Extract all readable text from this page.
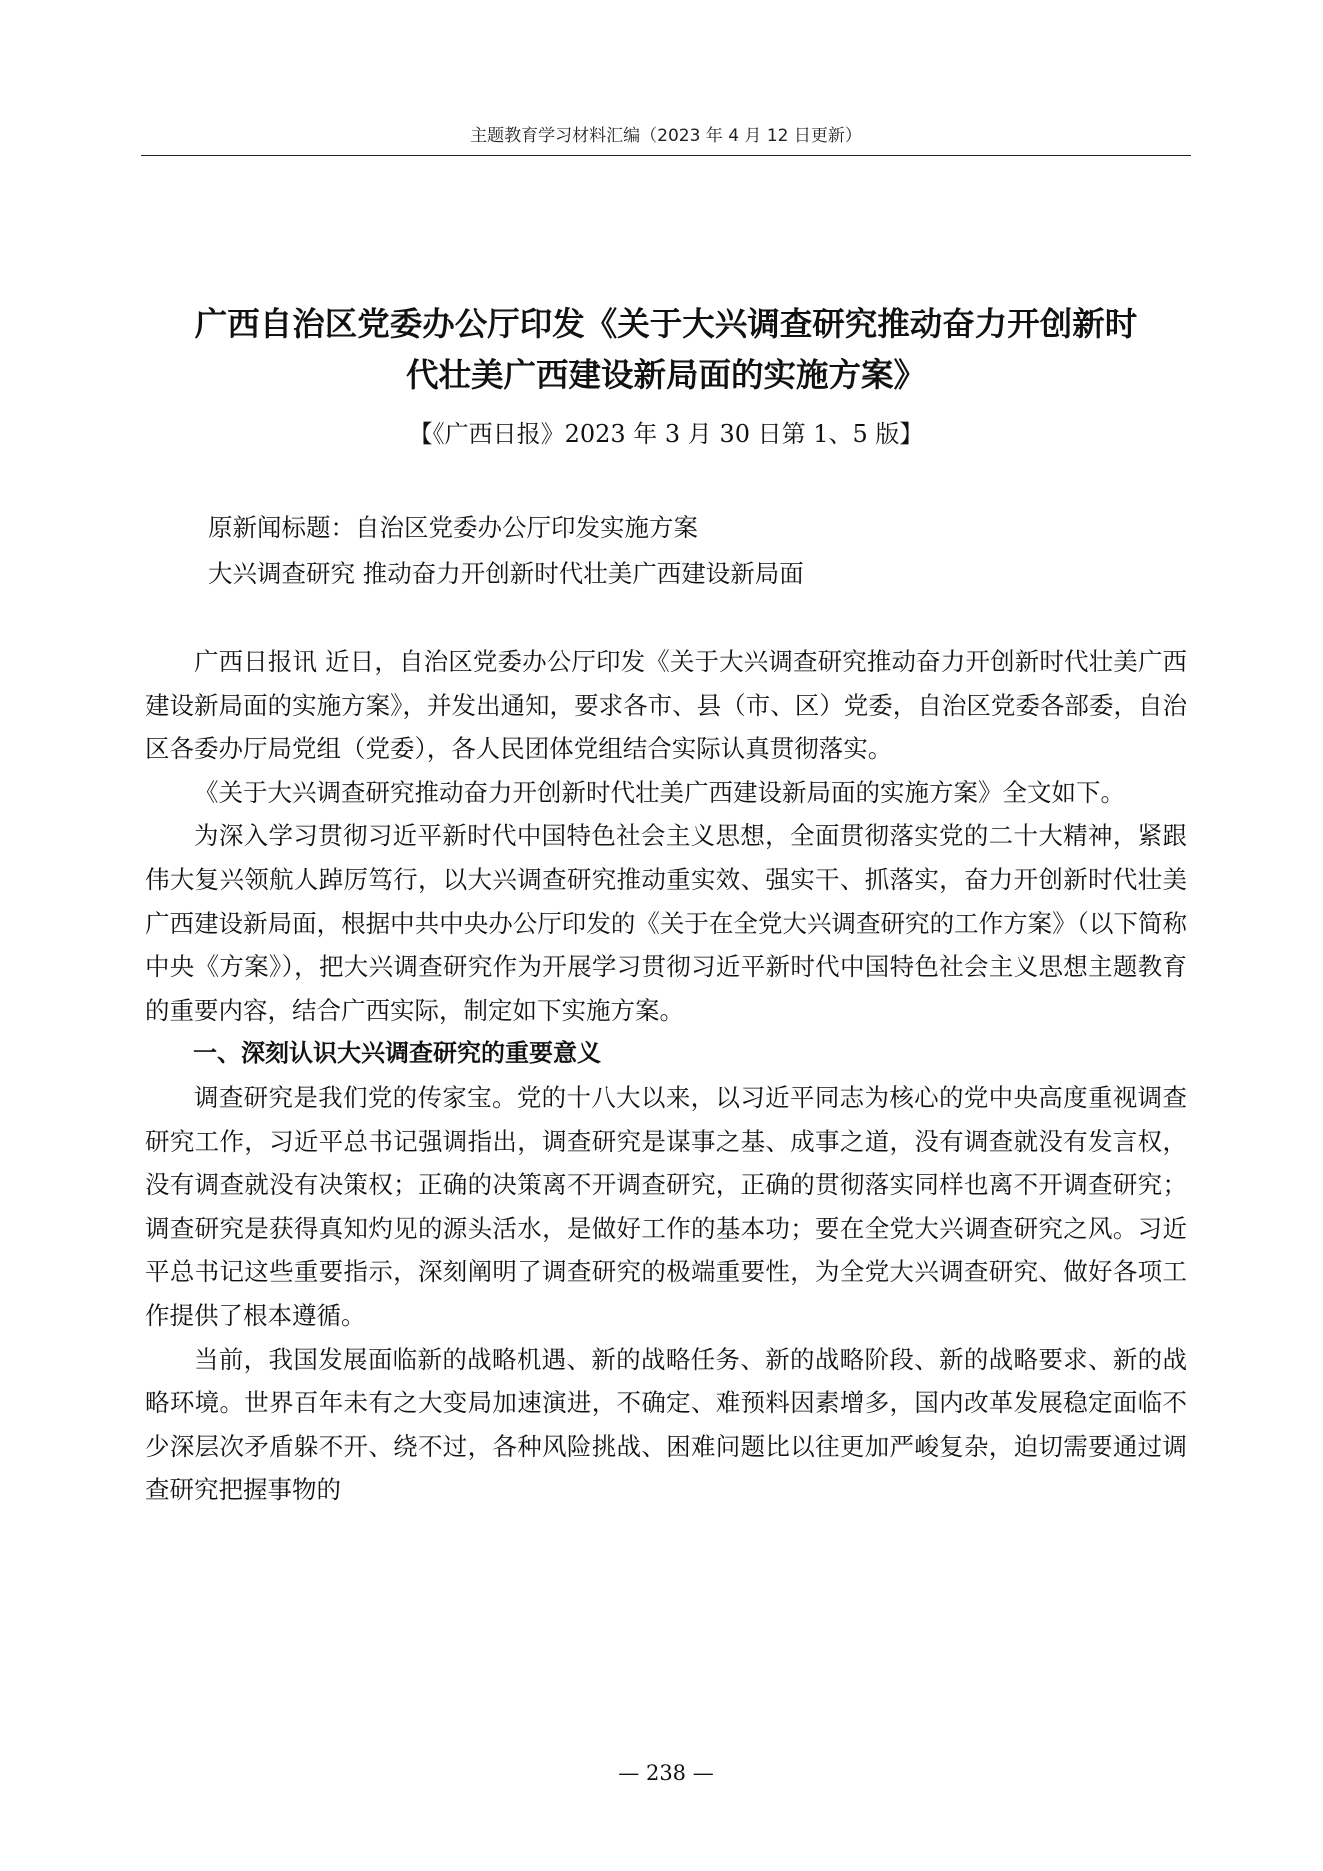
主题教育学习材料汇编（2023 年 4 月 12 日更新）
广西自治区党委办公厅印发《关于大兴调查研究推动奋力开创新时
代壮美广西建设新局面的实施方案》
【《广西日报》2023 年 3 月 30 日第 1、5 版】
原新闻标题：自治区党委办公厅印发实施方案
大兴调查研究 推动奋力开创新时代壮美广西建设新局面

广西日报讯 近日，自治区党委办公厅印发《关于大兴调查研究推动奋力开创新时代壮美广西建设新局面的实施方案》，并发出通知，要求各市、县（市、区）党委，自治区党委各部委，自治区各委办厅局党组（党委），各人民团体党组结合实际认真贯彻落实。

《关于大兴调查研究推动奋力开创新时代壮美广西建设新局面的实施方案》全文如下。

为深入学习贯彻习近平新时代中国特色社会主义思想，全面贯彻落实党的二十大精神，紧跟伟大复兴领航人踔厉笃行，以大兴调查研究推动重实效、强实干、抓落实，奋力开创新时代壮美广西建设新局面，根据中共中央办公厅印发的《关于在全党大兴调查研究的工作方案》（以下简称中央《方案》），把大兴调查研究作为开展学习贯彻习近平新时代中国特色社会主义思想主题教育的重要内容，结合广西实际，制定如下实施方案。

一、深刻认识大兴调查研究的重要意义

调查研究是我们党的传家宝。党的十八大以来，以习近平同志为核心的党中央高度重视调查研究工作，习近平总书记强调指出，调查研究是谋事之基、成事之道，没有调查就没有发言权，没有调查就没有决策权；正确的决策离不开调查研究，正确的贯彻落实同样也离不开调查研究；调查研究是获得真知灼见的源头活水，是做好工作的基本功；要在全党大兴调查研究之风。习近平总书记这些重要指示，深刻阐明了调查研究的极端重要性，为全党大兴调查研究、做好各项工作提供了根本遵循。

当前，我国发展面临新的战略机遇、新的战略任务、新的战略阶段、新的战略要求、新的战略环境。世界百年未有之大变局加速演进，不确定、难预料因素增多，国内改革发展稳定面临不少深层次矛盾躲不开、绕不过，各种风险挑战、困难问题比以往更加严峻复杂，迫切需要通过调查研究把握事物的

— 238 —
